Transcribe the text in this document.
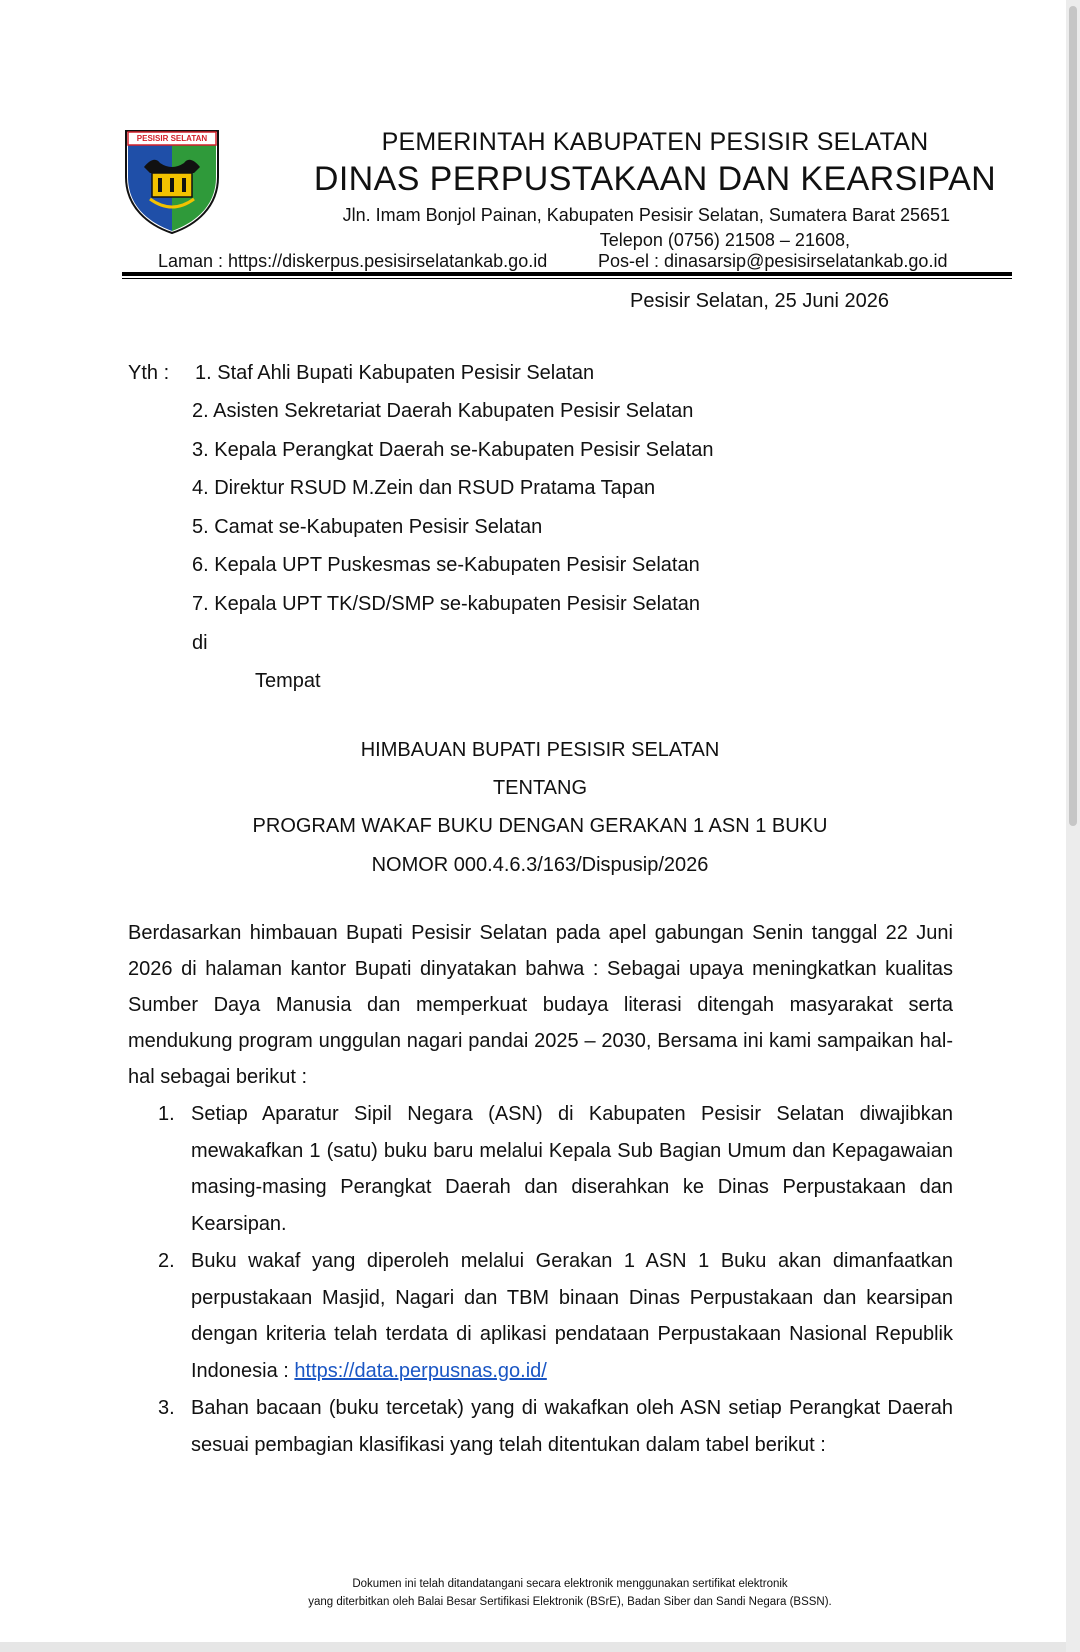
PESISIR SELATAN	PEMERINTAH KABUPATEN PESISIR SELATAN
DINAS PERPUSTAKAAN DAN KEARSIPAN
Jln. Imam Bonjol Painan, Kabupaten Pesisir Selatan, Sumatera Barat 25651
Telepon (0756) 21508 – 21608,
Laman : https://diskerpus.pesisirselatankab.go.id	Pos-el : dinasarsip@pesisirselatankab.go.id
Pesisir Selatan, 25 Juni 2026
Yth : 1. Staf Ahli Bupati Kabupaten Pesisir Selatan
2. Asisten Sekretariat Daerah Kabupaten Pesisir Selatan
3. Kepala Perangkat Daerah se-Kabupaten Pesisir Selatan
4. Direktur RSUD M.Zein dan RSUD Pratama Tapan
5. Camat se-Kabupaten Pesisir Selatan
6. Kepala UPT Puskesmas se-Kabupaten Pesisir Selatan
7. Kepala UPT TK/SD/SMP se-kabupaten Pesisir Selatan
di
Tempat
HIMBAUAN BUPATI PESISIR SELATAN
TENTANG
PROGRAM WAKAF BUKU DENGAN GERAKAN 1 ASN 1 BUKU
NOMOR 000.4.6.3/163/Dispusip/2026
Berdasarkan himbauan Bupati Pesisir Selatan pada apel gabungan Senin tanggal 22 Juni 2026 di halaman kantor Bupati dinyatakan bahwa : Sebagai upaya meningkatkan kualitas Sumber Daya Manusia dan memperkuat budaya literasi ditengah masyarakat serta mendukung program unggulan nagari pandai 2025 – 2030, Bersama ini kami sampaikan hal-hal sebagai berikut :
1. Setiap Aparatur Sipil Negara (ASN) di Kabupaten Pesisir Selatan diwajibkan mewakafkan 1 (satu) buku baru melalui Kepala Sub Bagian Umum dan Kepagawaian masing-masing Perangkat Daerah dan diserahkan ke Dinas Perpustakaan dan Kearsipan.
2. Buku wakaf yang diperoleh melalui Gerakan 1 ASN 1 Buku akan dimanfaatkan perpustakaan Masjid, Nagari dan TBM binaan Dinas Perpustakaan dan kearsipan dengan kriteria telah terdata di aplikasi pendataan Perpustakaan Nasional Republik Indonesia : https://data.perpusnas.go.id/
3. Bahan bacaan (buku tercetak) yang di wakafkan oleh ASN setiap Perangkat Daerah sesuai pembagian klasifikasi yang telah ditentukan dalam tabel berikut :
Dokumen ini telah ditandatangani secara elektronik menggunakan sertifikat elektronik
yang diterbitkan oleh Balai Besar Sertifikasi Elektronik (BSrE), Badan Siber dan Sandi Negara (BSSN).
